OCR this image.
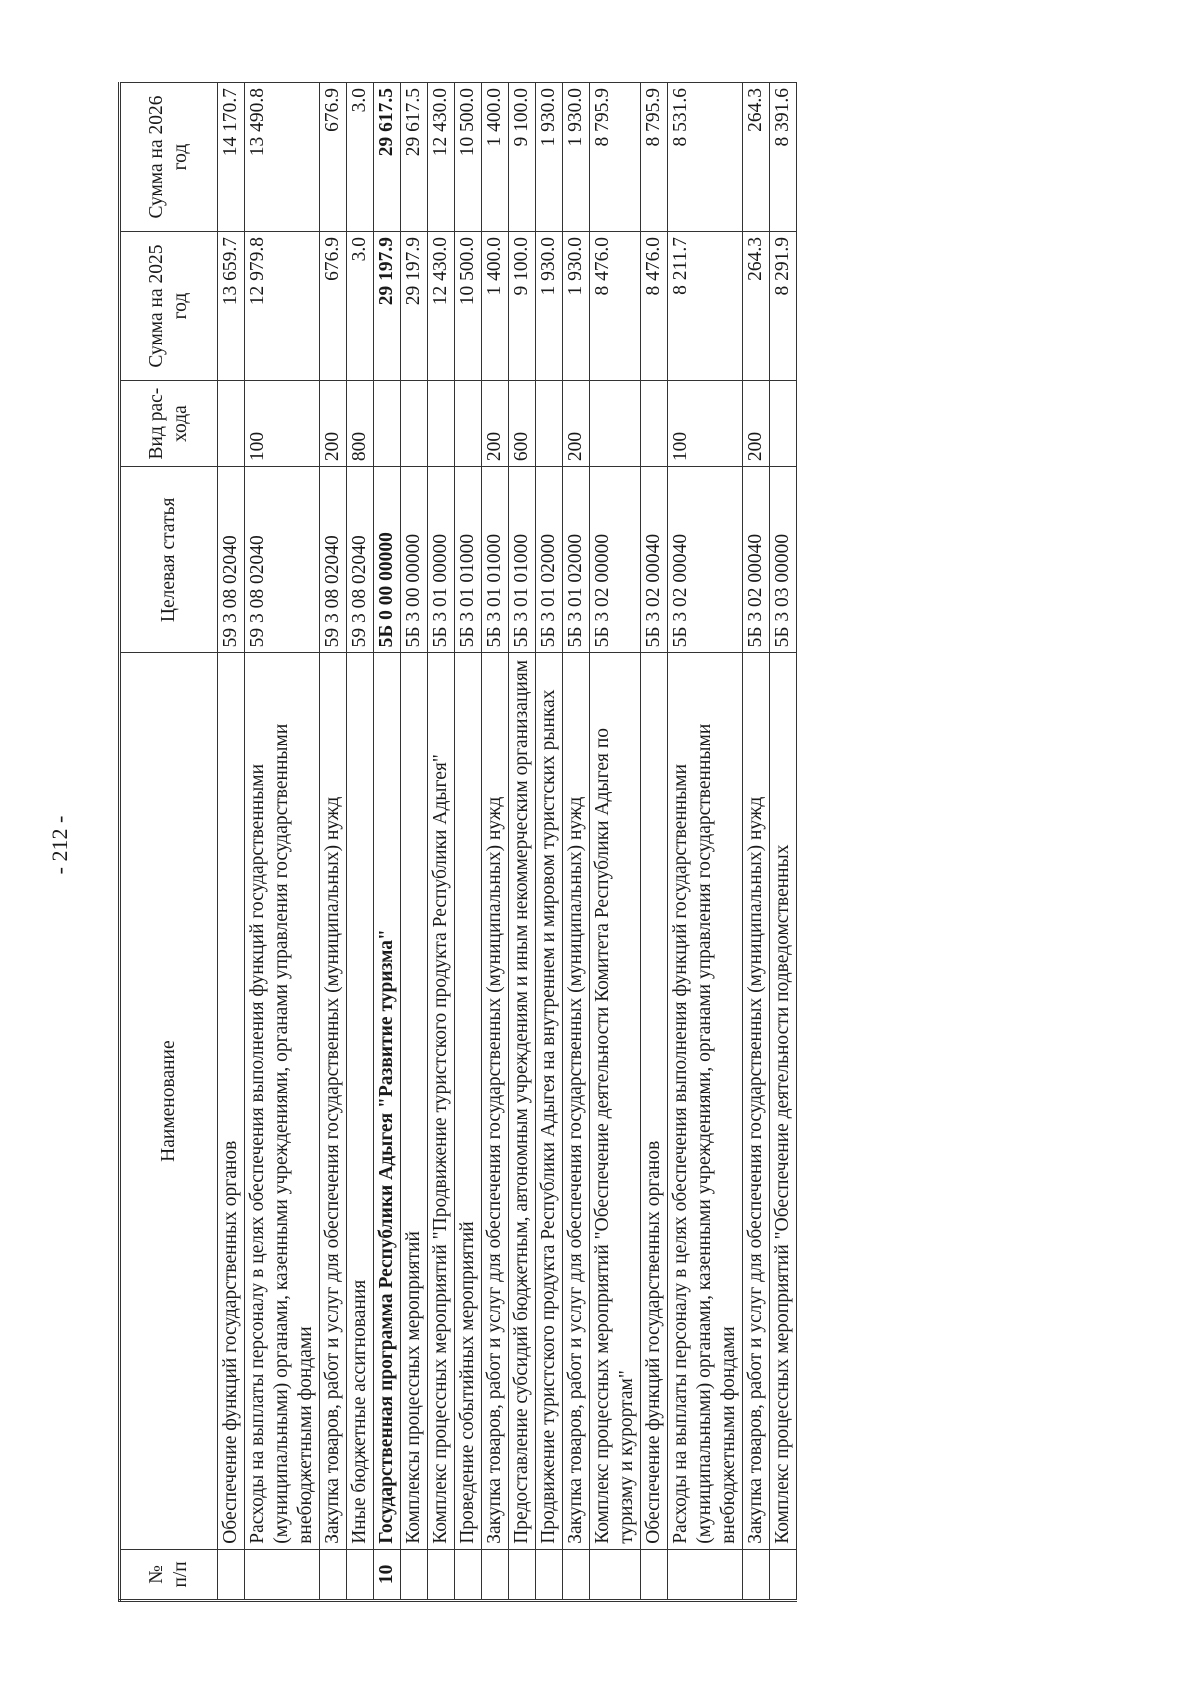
- 212 -
№ п/п	Наименование	Целевая статья	Вид рас- хода	Сумма на 2025 год	Сумма на 2026 год
	Обеспечение функций государственных органов	59 3 08 02040		13 659.7	14 170.7
	Расходы на выплаты персоналу в целях обеспечения выполнения функций государственными (муниципальными) органами, казенными учреждениями, органами управления государственными внебюджетными фондами	59 3 08 02040	100	12 979.8	13 490.8
	Закупка товаров, работ и услуг для обеспечения государственных (муниципальных) нужд	59 3 08 02040	200	676.9	676.9
	Иные бюджетные ассигнования	59 3 08 02040	800	3.0	3.0
10	Государственная программа Республики Адыгея "Развитие туризма"	5Б 0 00 00000		29 197.9	29 617.5
	Комплексы процессных мероприятий	5Б 3 00 00000		29 197.9	29 617.5
	Комплекс процессных мероприятий "Продвижение туристского продукта Республики Адыгея"	5Б 3 01 00000		12 430.0	12 430.0
	Проведение событийных мероприятий	5Б 3 01 01000		10 500.0	10 500.0
	Закупка товаров, работ и услуг для обеспечения государственных (муниципальных) нужд	5Б 3 01 01000	200	1 400.0	1 400.0
	Предоставление субсидий бюджетным, автономным учреждениям и иным некоммерческим организациям	5Б 3 01 01000	600	9 100.0	9 100.0
	Продвижение туристского продукта Республики Адыгея на внутреннем и мировом туристских рынках	5Б 3 01 02000		1 930.0	1 930.0
	Закупка товаров, работ и услуг для обеспечения государственных (муниципальных) нужд	5Б 3 01 02000	200	1 930.0	1 930.0
	Комплекс процессных мероприятий "Обеспечение деятельности Комитета Республики Адыгея по туризму и курортам"	5Б 3 02 00000		8 476.0	8 795.9
	Обеспечение функций государственных органов	5Б 3 02 00040		8 476.0	8 795.9
	Расходы на выплаты персоналу в целях обеспечения выполнения функций государственными (муниципальными) органами, казенными учреждениями, органами управления государственными внебюджетными фондами	5Б 3 02 00040	100	8 211.7	8 531.6
	Закупка товаров, работ и услуг для обеспечения государственных (муниципальных) нужд	5Б 3 02 00040	200	264.3	264.3
	Комплекс процессных мероприятий "Обеспечение деятельности подведомственных	5Б 3 03 00000		8 291.9	8 391.6
